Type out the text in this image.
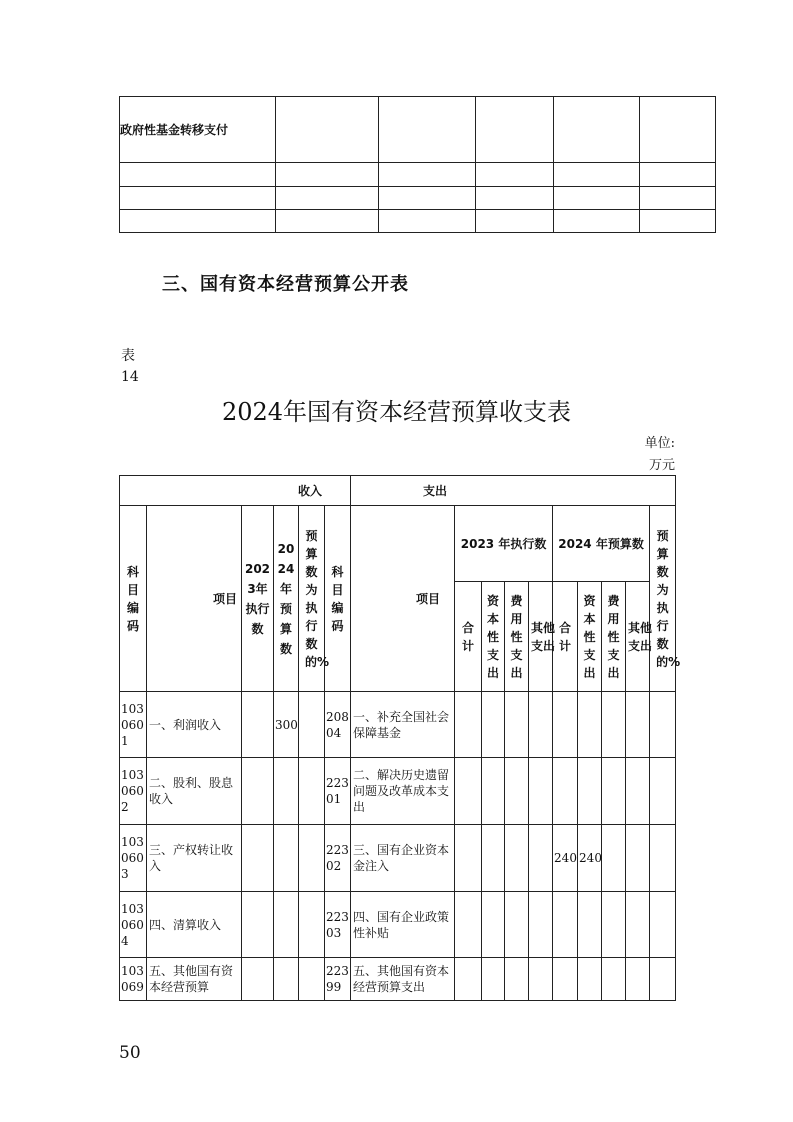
政府性基金转移支付					

三、国有资本经营预算公开表
表
14
2024年国有资本经营预算收支表
单位:
万元
收入						支出									
科目编码	项目	2023年执行数	2024年预算数	预算数为执行数的%	科目编码	项目	2023 年执行数				2024 年预算数				预算数为执行数的%
							合计	资本性支出	费用性支出	其他支出	合计	资本性支出	费用性支出	其他支出	
1030601	一、利润收入		300		20804	一、补充全国社会保障基金									
1030602	二、股利、股息收入				22301	二、解决历史遗留问题及改革成本支出									
1030603	三、产权转让收入				22302	三、国有企业资本金注入					240	240			
1030604	四、清算收入				22303	四、国有企业政策性补贴									
103069	五、其他国有资本经营预算				22399	五、其他国有资本经营预算支出									
50
